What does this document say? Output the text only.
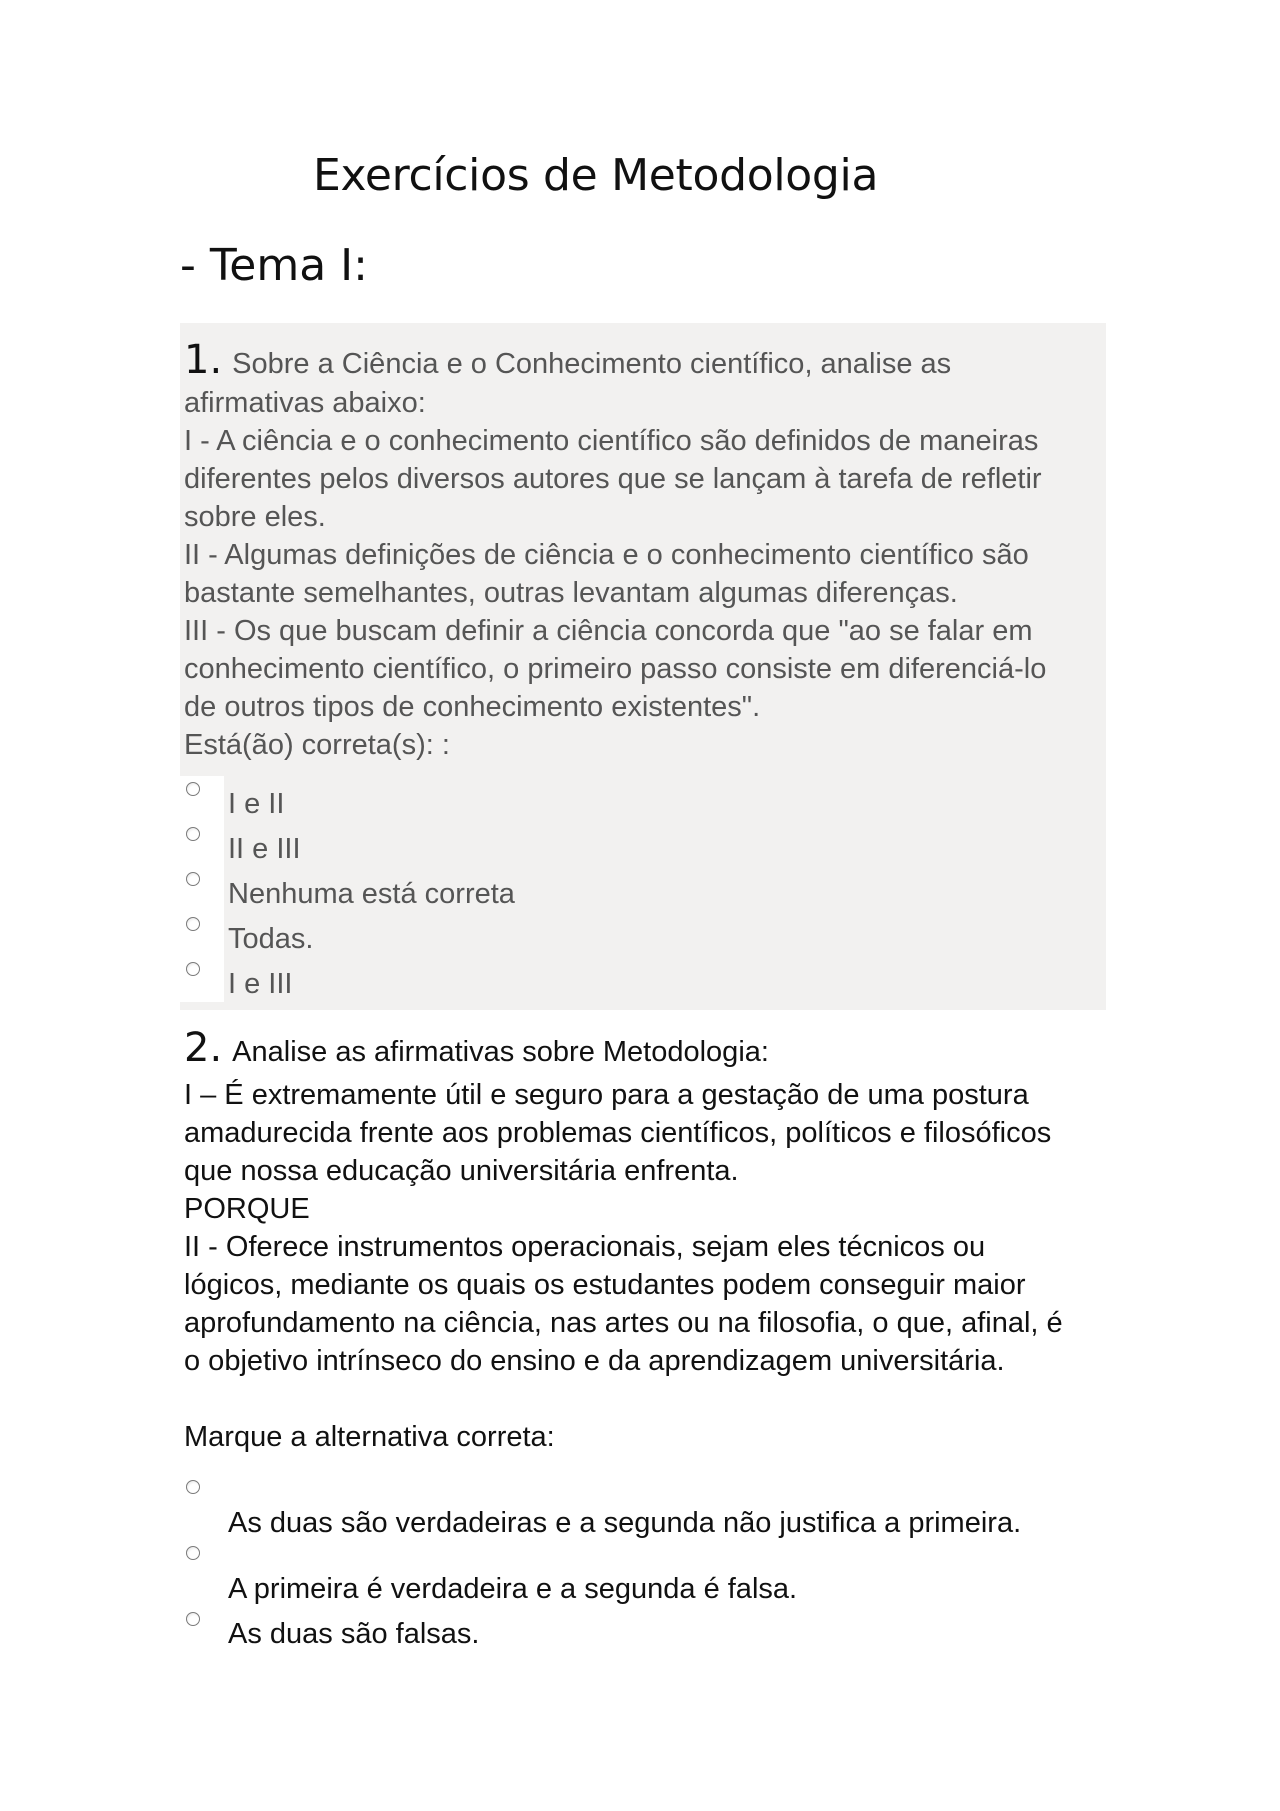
Exercícios de Metodologia
- Tema I:

1. Sobre a Ciência e o Conhecimento científico, analise as

afirmativas abaixo:

I - A ciência e o conhecimento científico são definidos de maneiras

diferentes pelos diversos autores que se lançam à tarefa de refletir

sobre eles.

II - Algumas definições de ciência e o conhecimento científico são

bastante semelhantes, outras levantam algumas diferenças.

III - Os que buscam definir a ciência concorda que "ao se falar em

conhecimento científico, o primeiro passo consiste em diferenciá-lo

de outros tipos de conhecimento existentes".

Está(ão) correta(s): :

I e II
II e III
Nenhuma está correta
Todas.
I e III

2. Analise as afirmativas sobre Metodologia:

I – É extremamente útil e seguro para a gestação de uma postura

amadurecida frente aos problemas científicos, políticos e filosóficos

que nossa educação universitária enfrenta.

PORQUE

II - Oferece instrumentos operacionais, sejam eles técnicos ou

lógicos, mediante os quais os estudantes podem conseguir maior

aprofundamento na ciência, nas artes ou na filosofia, o que, afinal, é

o objetivo intrínseco do ensino e da aprendizagem universitária.

Marque a alternativa correta:

As duas são verdadeiras e a segunda não justifica a primeira.
A primeira é verdadeira e a segunda é falsa.
As duas são falsas.
